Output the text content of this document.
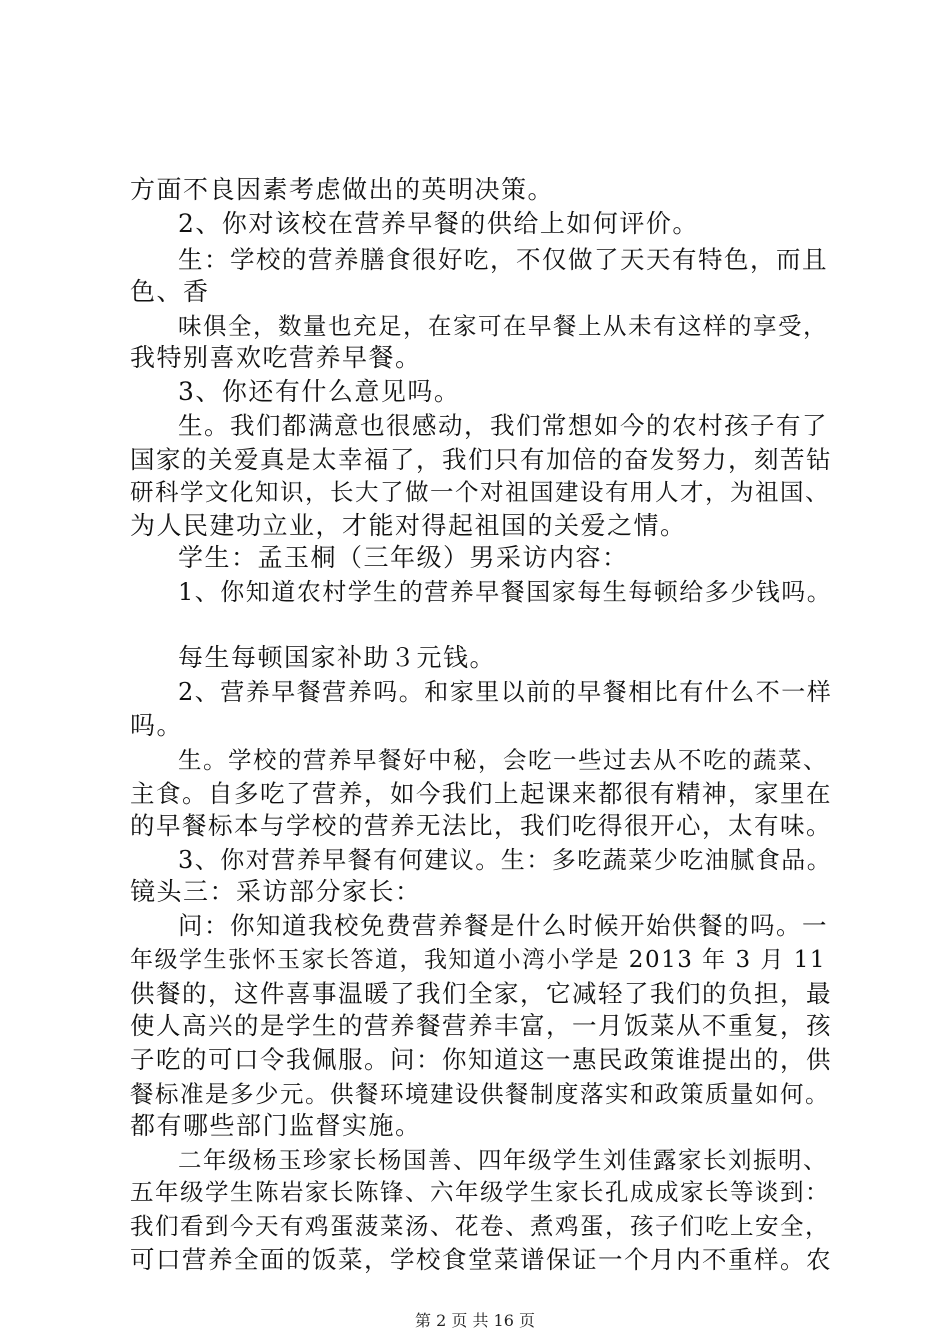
方面不良因素考虑做出的英明决策。
2、你对该校在营养早餐的供给上如何评价。
生：学校的营养膳食很好吃，不仅做了天天有特色，而且
色、香
味俱全，数量也充足，在家可在早餐上从未有这样的享受，
我特别喜欢吃营养早餐。
3、你还有什么意见吗。
生。我们都满意也很感动，我们常想如今的农村孩子有了
国家的关爱真是太幸福了，我们只有加倍的奋发努力，刻苦钻
研科学文化知识，长大了做一个对祖国建设有用人才，为祖国、
为人民建功立业，才能对得起祖国的关爱之情。
学生：孟玉桐（三年级）男采访内容：
1、你知道农村学生的营养早餐国家每生每顿给多少钱吗。
每生每顿国家补助３元钱。
2、营养早餐营养吗。和家里以前的早餐相比有什么不一样
吗。
生。学校的营养早餐好中秘，会吃一些过去从不吃的蔬菜、
主食。自多吃了营养，如今我们上起课来都很有精神，家里在
的早餐标本与学校的营养无法比，我们吃得很开心，太有味。
3、你对营养早餐有何建议。生：多吃蔬菜少吃油腻食品。
镜头三：采访部分家长：
问：你知道我校免费营养餐是什么时候开始供餐的吗。一
年级学生张怀玉家长答道，我知道小湾小学是 2013 年 3 月 11
供餐的，这件喜事温暖了我们全家，它减轻了我们的负担，最
使人高兴的是学生的营养餐营养丰富，一月饭菜从不重复，孩
子吃的可口令我佩服。问：你知道这一惠民政策谁提出的，供
餐标准是多少元。供餐环境建设供餐制度落实和政策质量如何。
都有哪些部门监督实施。
二年级杨玉珍家长杨国善、四年级学生刘佳露家长刘振明、
五年级学生陈岩家长陈锋、六年级学生家长孔成成家长等谈到：
我们看到今天有鸡蛋菠菜汤、花卷、煮鸡蛋，孩子们吃上安全，
可口营养全面的饭菜，学校食堂菜谱保证一个月内不重样。农
第 2 页 共 16 页
